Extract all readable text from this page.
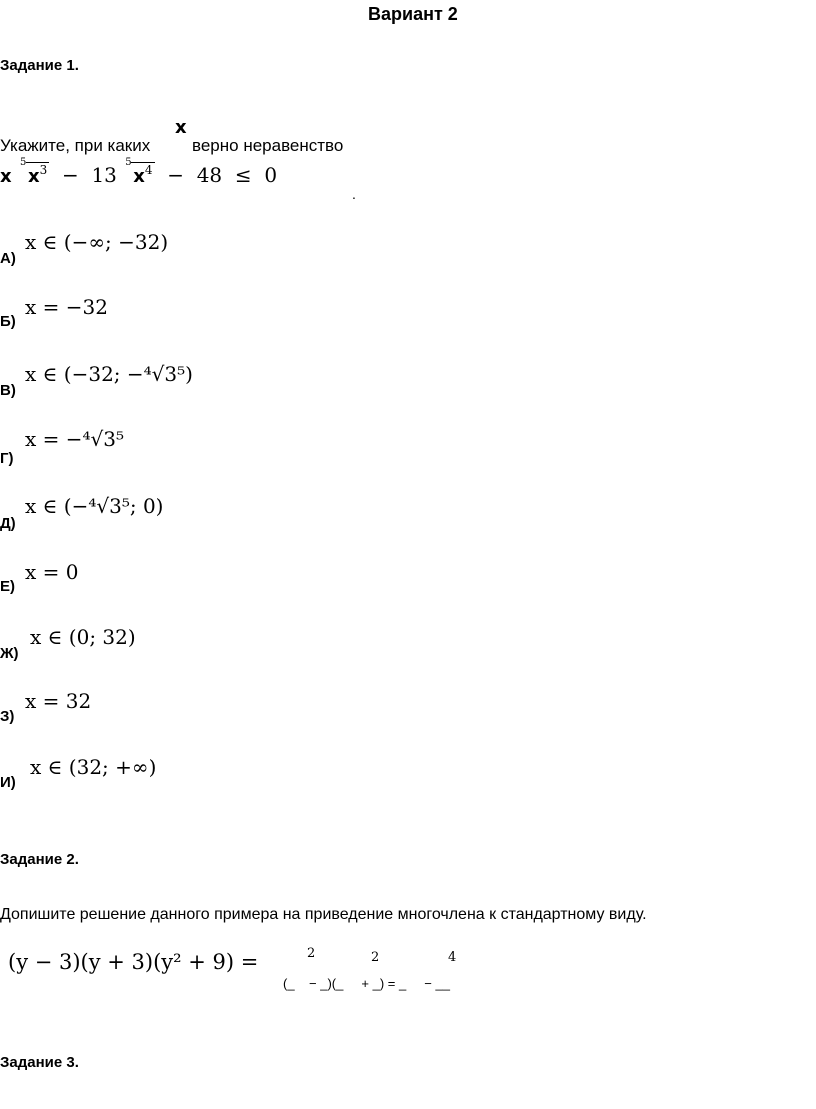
Вариант 2
Задание 1.
x
Укажите, при каких верно неравенство
x
5
$x^3 - 13$
5
$x^4 - 48 \le 0$
.
А)
x ∈ (−∞; −32)
Б)
x = −32
В)
x ∈ (−32; −⁴√3⁵)
Г)
x = −⁴√3⁵
Д)
x ∈ (−⁴√3⁵; 0)
Е)
x = 0
Ж)
x ∈ (0; 32)
З)
x = 32
И)
x ∈ (32; +∞)
Задание 2.
Допишите решение данного примера на приведение многочлена к стандартному виду.
(y − 3)(y + 3)(y² + 9) =	2	2	4
(_    − _)(_     + _) = _     − __
Задание 3.
